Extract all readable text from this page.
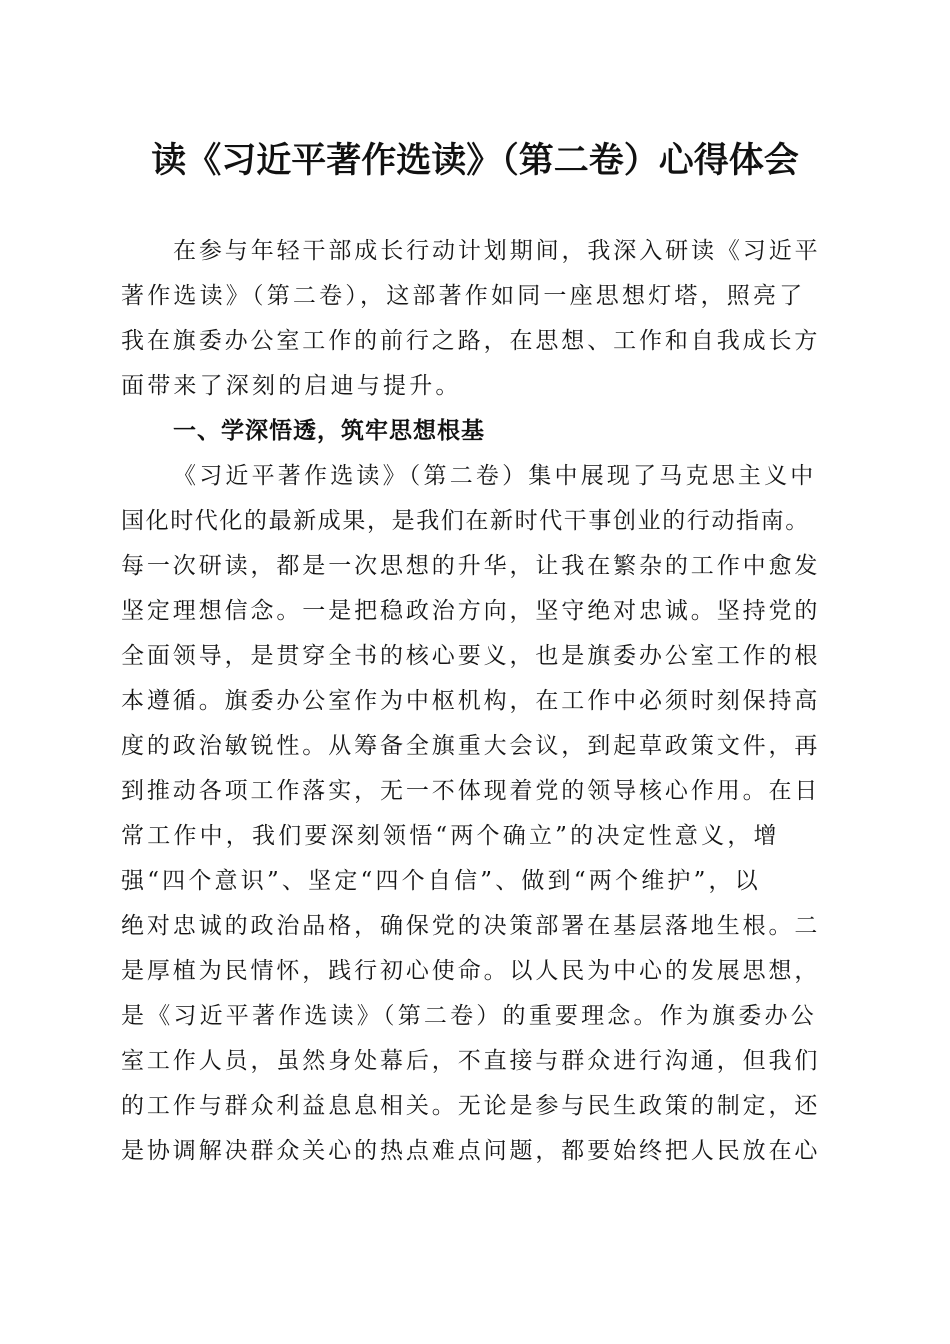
读《习近平著作选读》（第二卷）心得体会
在参与年轻干部成长行动计划期间，我深入研读《习近平
著作选读》（第二卷），这部著作如同一座思想灯塔，照亮了
我在旗委办公室工作的前行之路，在思想、工作和自我成长方
面带来了深刻的启迪与提升。
一、学深悟透，筑牢思想根基
《习近平著作选读》（第二卷）集中展现了马克思主义中
国化时代化的最新成果，是我们在新时代干事创业的行动指南。
每一次研读，都是一次思想的升华，让我在繁杂的工作中愈发
坚定理想信念。一是把稳政治方向，坚守绝对忠诚。坚持党的
全面领导，是贯穿全书的核心要义，也是旗委办公室工作的根
本遵循。旗委办公室作为中枢机构，在工作中必须时刻保持高
度的政治敏锐性。从筹备全旗重大会议，到起草政策文件，再
到推动各项工作落实，无一不体现着党的领导核心作用。在日
常工作中，我们要深刻领悟“两个确立”的决定性意义，增
强“四个意识”、坚定“四个自信”、做到“两个维护”，以
绝对忠诚的政治品格，确保党的决策部署在基层落地生根。二
是厚植为民情怀，践行初心使命。以人民为中心的发展思想，
是《习近平著作选读》（第二卷）的重要理念。作为旗委办公
室工作人员，虽然身处幕后，不直接与群众进行沟通，但我们
的工作与群众利益息息相关。无论是参与民生政策的制定，还
是协调解决群众关心的热点难点问题，都要始终把人民放在心
